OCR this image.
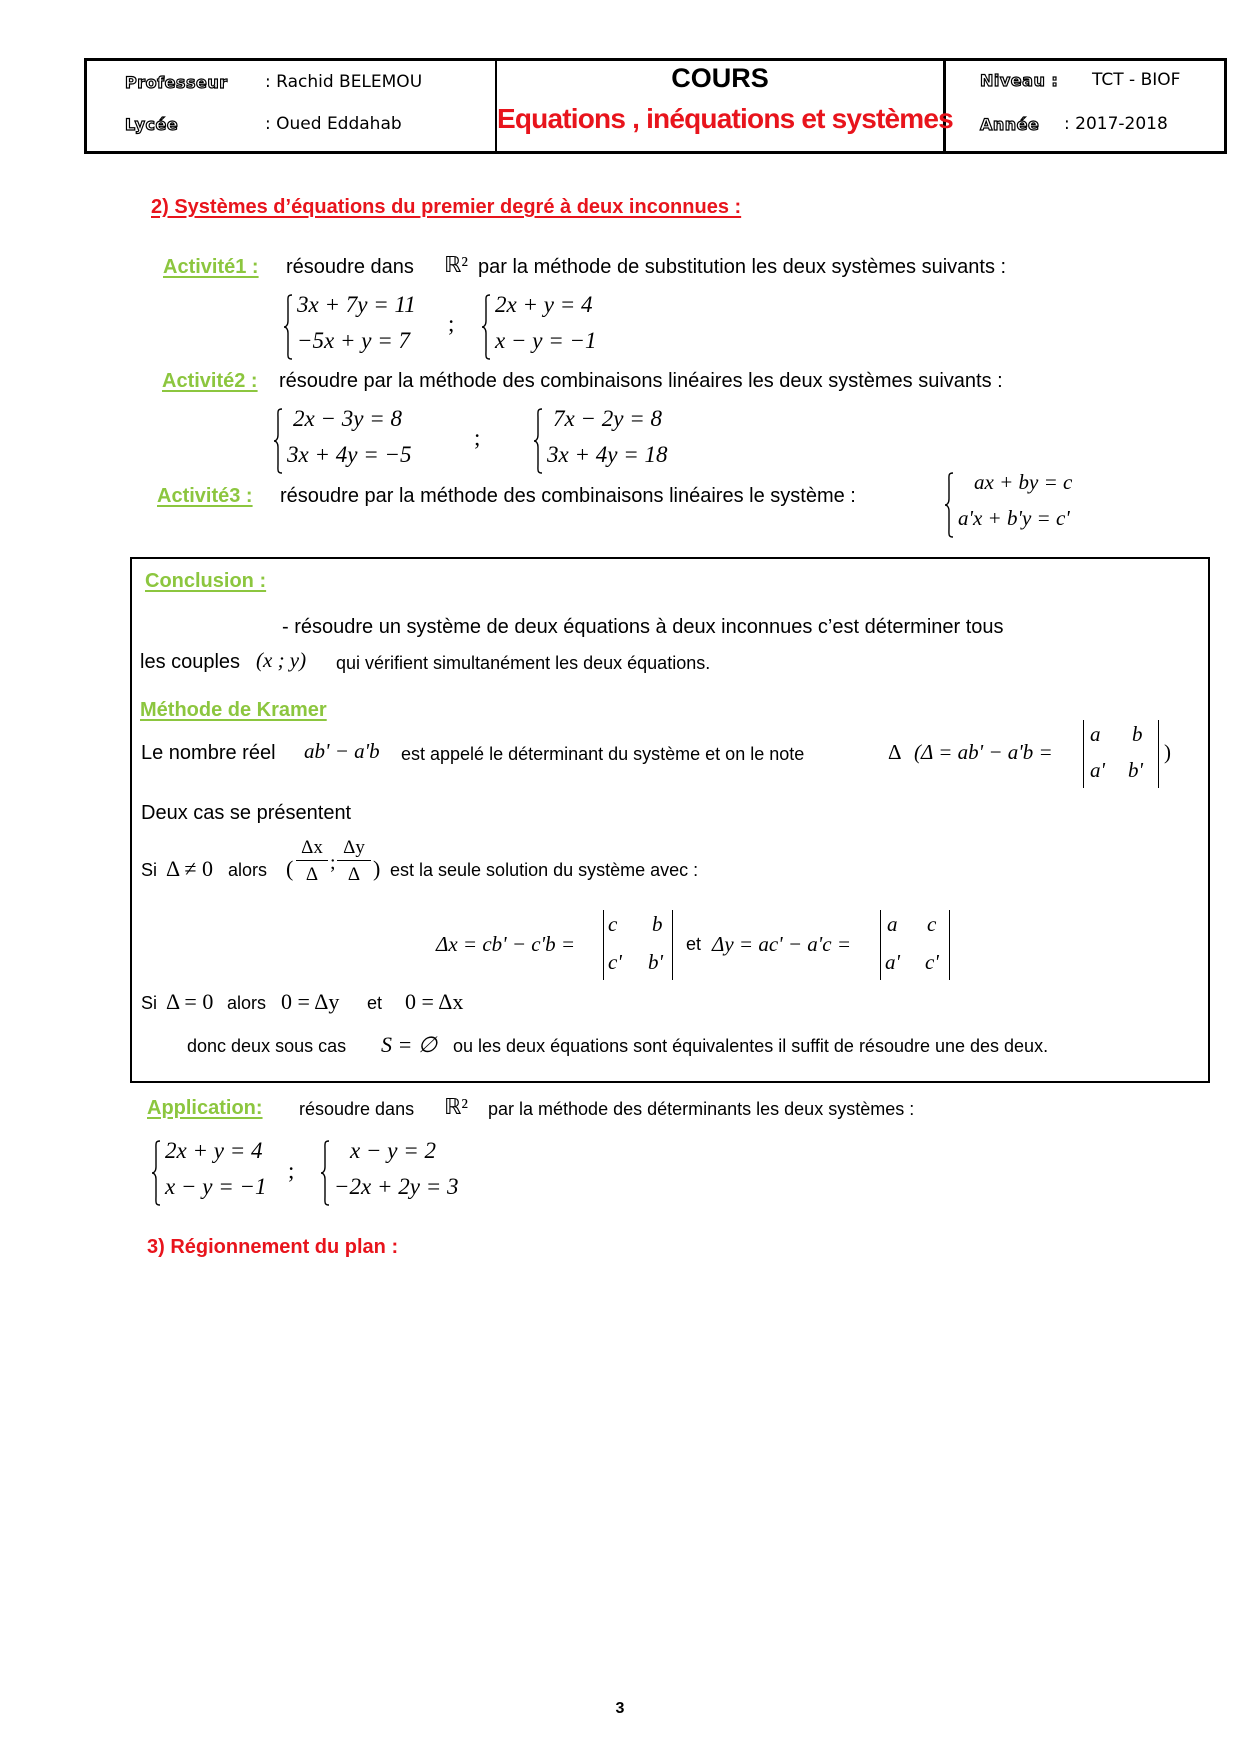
Professeur : Rachid BELEMOU
Lycée	: Oued Eddahab
COURS
Equations , inéquations et systèmes
Niveau : TCT - BIOF
Année : 2017-2018
2) Systèmes d’équations du premier degré à deux inconnues :
Activité1 : résoudre dans ℝ² par la méthode de substitution les deux systèmes suivants :
3x + 7y = 11
−5x + y = 7
;
2x + y = 4
x − y = −1
Activité2 : résoudre par la méthode des combinaisons linéaires les deux systèmes suivants :
2x − 3y = 8
3x + 4y = −5
;
7x − 2y = 8
3x + 4y = 18
Activité3 : résoudre par la méthode des combinaisons linéaires le système :
ax + by = c
a'x + b'y = c'
Conclusion :
- résoudre un système de deux équations à deux inconnues c’est déterminer tous
les couples (x ; y) qui vérifient simultanément les deux équations.
Méthode de Kramer
Le nombre réel ab' − a'b est appelé le déterminant du système et on le note	Δ (Δ = ab' − a'b =
a b
a' b'
)
Deux cas se présentent
Si Δ ≠ 0 alors ( $\frac{\Delta x}{\Delta}$ ; $\frac{\Delta y}{\Delta}$ ) est la seule solution du système avec :
Δx = cb' − c'b =
c b
c' b'
et Δy = ac' − a'c =
a c
a' c'
Si Δ = 0 alors 0 = Δy et 0 = Δx
donc deux sous cas S = ∅ ou les deux équations sont équivalentes il suffit de résoudre une des deux.
Application: résoudre dans ℝ² par la méthode des déterminants les deux systèmes :
2x + y = 4
x − y = −1
;
x − y = 2
−2x + 2y = 3
3) Régionnement du plan :
3
